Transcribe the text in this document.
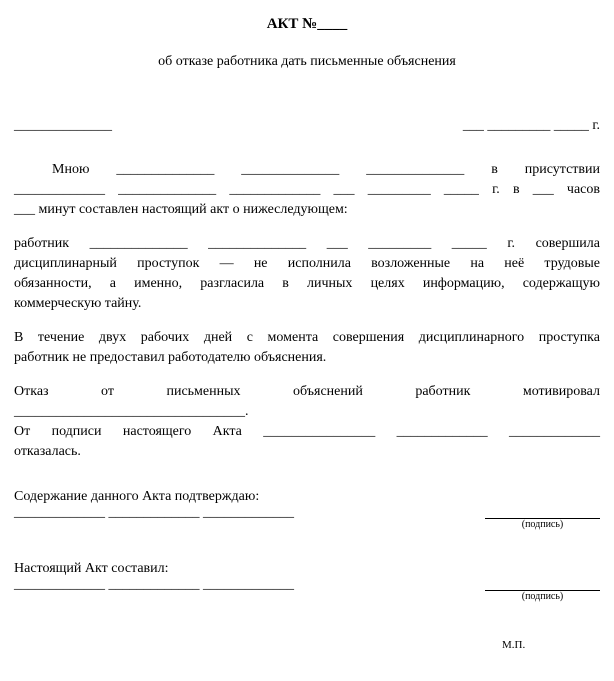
АКТ №____
об отказе работника дать письменные объяснения
______________	___ _________ _____ г.
Мною ______________ ______________ ______________ в присутствии
_____________ ______________ _____________ ___ _________ _____ г. в ___ часов
___ минут составлен настоящий акт о нижеследующем:
работник ______________ ______________ ___ _________ _____ г. совершила
дисциплинарный проступок — не исполнила возложенные на неё трудовые
обязанности, а именно, разгласила в личных целях информацию, содержащую
коммерческую тайну.
В течение двух рабочих дней с момента совершения дисциплинарного проступка
работник не предоставил работодателю объяснения.
Отказ от письменных объяснений работник мотивировал
_________________________________.
От подписи настоящего Акта ________________ _____________ _____________
отказалась.
Содержание данного Акта подтверждаю:
_____________ _____________ _____________
(подпись)
Настоящий Акт составил:
_____________ _____________ _____________
(подпись)
М.П.
